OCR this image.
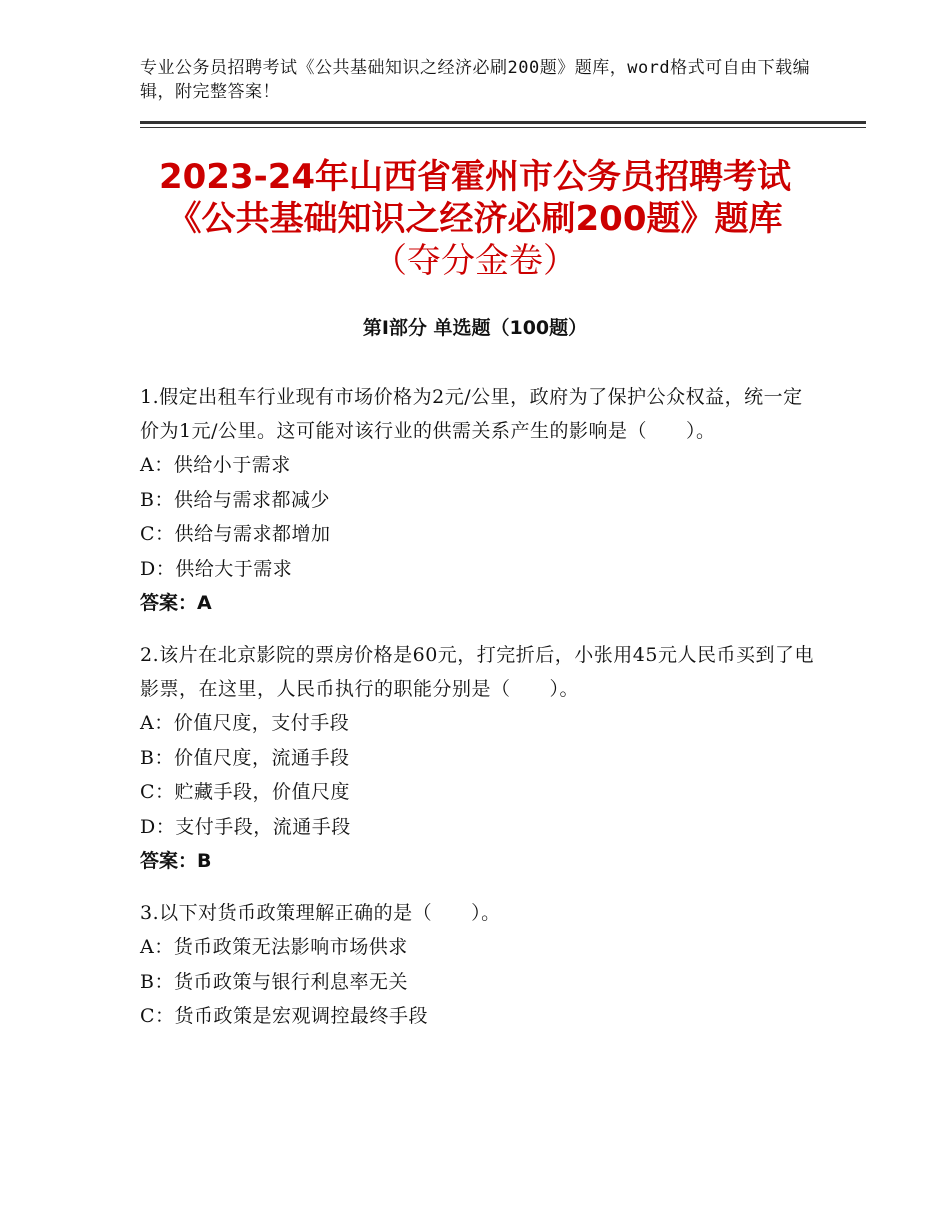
专业公务员招聘考试《公共基础知识之经济必刷200题》题库，word格式可自由下载编辑，附完整答案！
2023-24年山西省霍州市公务员招聘考试
《公共基础知识之经济必刷200题》题库
（夺分金卷）
第Ⅰ部分 单选题（100题）
1.假定出租车行业现有市场价格为2元/公里，政府为了保护公众权益，统一定价为1元/公里。这可能对该行业的供需关系产生的影响是（　　）。
A：供给小于需求
B：供给与需求都减少
C：供给与需求都增加
D：供给大于需求
答案：A
2.该片在北京影院的票房价格是60元，打完折后，小张用45元人民币买到了电影票，在这里，人民币执行的职能分别是（　　）。
A：价值尺度，支付手段
B：价值尺度，流通手段
C：贮藏手段，价值尺度
D：支付手段，流通手段
答案：B
3.以下对货币政策理解正确的是（　　）。
A：货币政策无法影响市场供求
B：货币政策与银行利息率无关
C：货币政策是宏观调控最终手段
